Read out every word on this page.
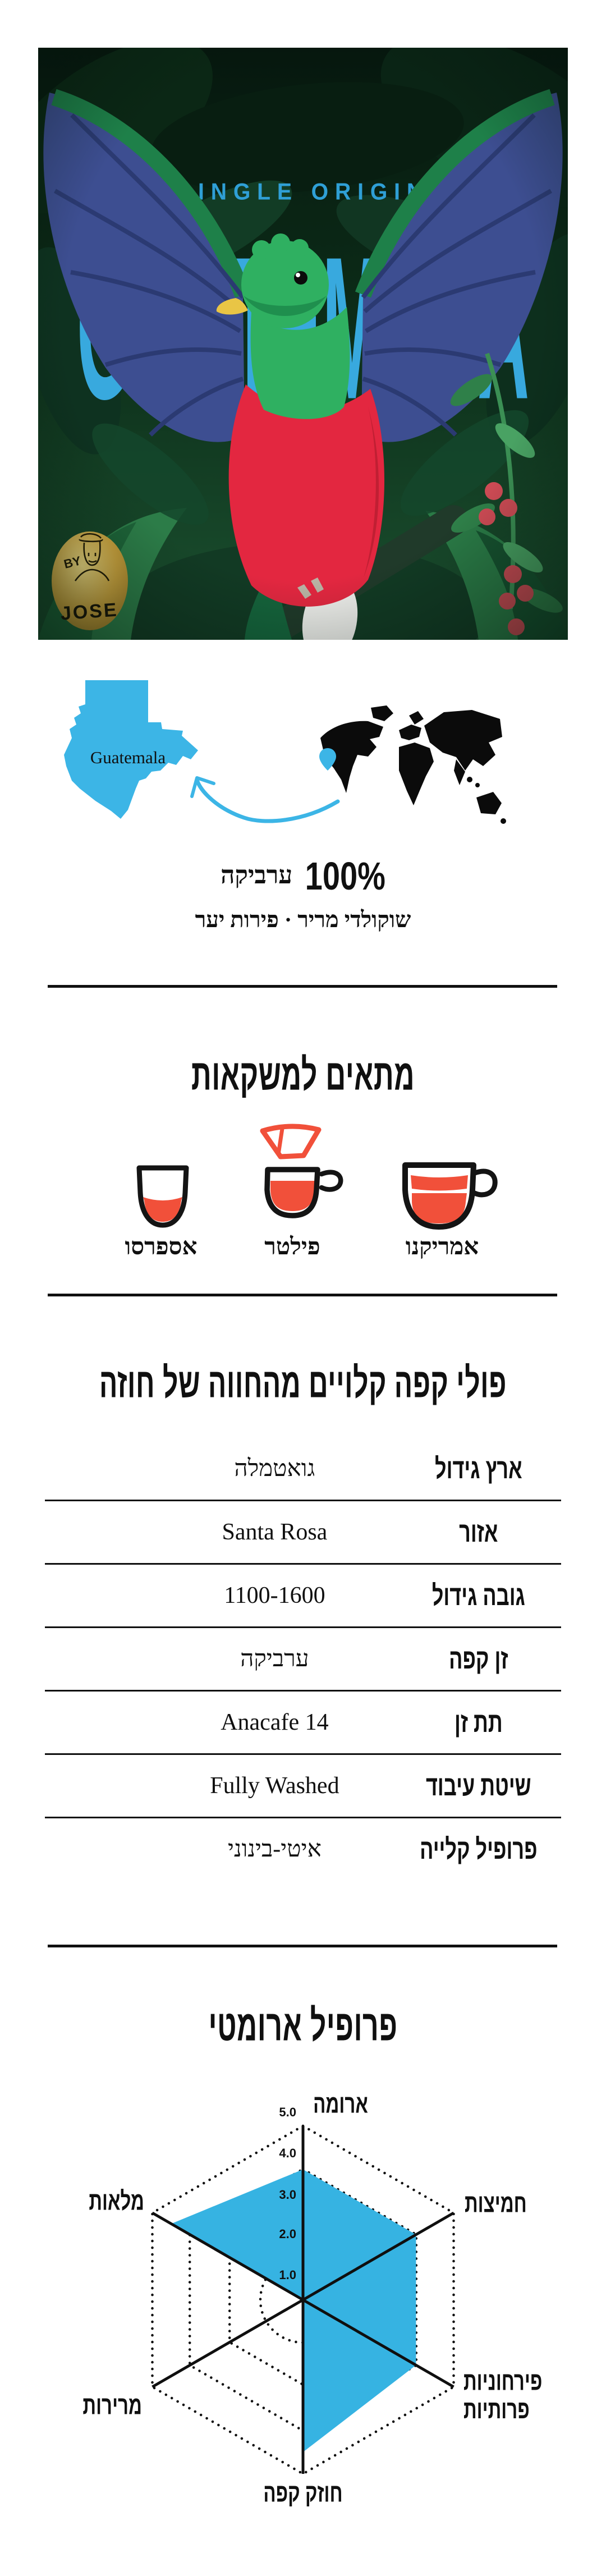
Guatemala
100% ערביקה
שוקולדי מריר · פירות יער
מתאים למשקאות
אספרסו	פילטר	אמריקנו
פולי קפה קלויים מהחווה של חוזה
ארץ גידול
גואטמלה
אזור
Santa Rosa
גובה גידול
1100-1600
זן קפה
ערביקה
תת זן
Anacafe 14
שיטת עיבוד
Fully Washed
פרופיל קלייה
איטי-בינוני
פרופיל ארומטי
5.0
4.0
3.0
2.0
1.0
ארומה
חמיצות
פירחוניות פרותיות
חוזק קפה
מרירות
מלאות
